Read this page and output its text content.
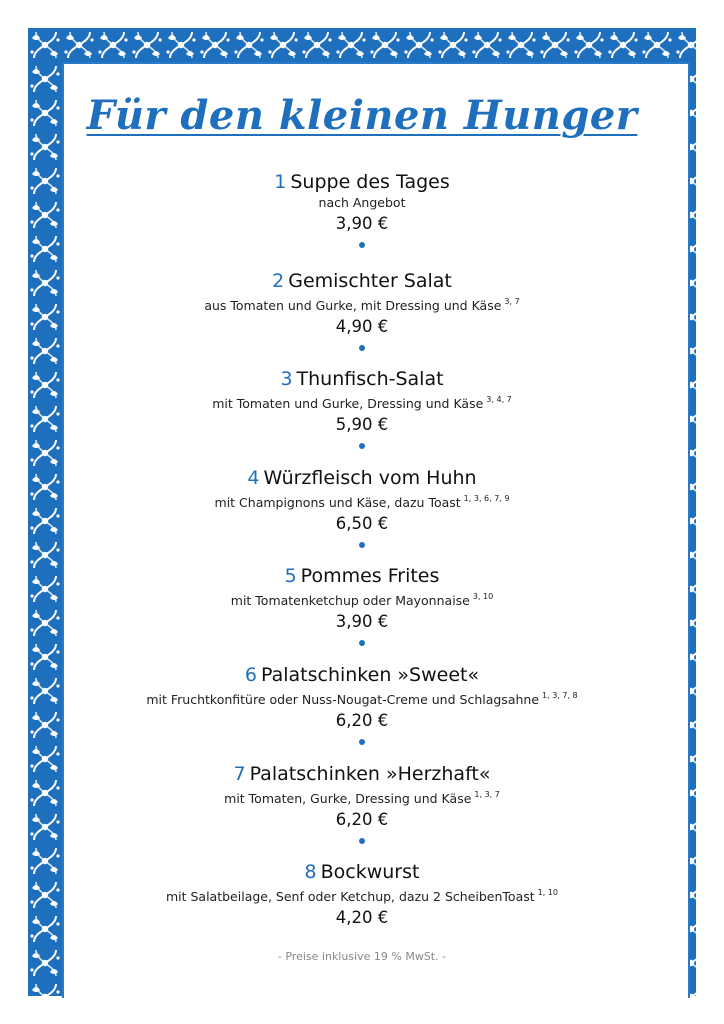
Für den kleinen Hunger
1 Suppe des Tages
nach Angebot
3,90 €
2 Gemischter Salat
aus Tomaten und Gurke, mit Dressing und Käse $^{3, 7}$
4,90 €
3 Thunfisch-Salat
mit Tomaten und Gurke, Dressing und Käse $^{3, 4, 7}$
5,90 €
4 Würzfleisch vom Huhn
mit Champignons und Käse, dazu Toast $^{1, 3, 6, 7, 9}$
6,50 €
5 Pommes Frites
mit Tomatenketchup oder Mayonnaise $^{3, 10}$
3,90 €
6 Palatschinken »Sweet«
mit Fruchtkonfitüre oder Nuss-Nougat-Creme und Schlagsahne $^{1, 3, 7, 8}$
6,20 €
7 Palatschinken »Herzhaft«
mit Tomaten, Gurke, Dressing und Käse $^{1, 3, 7}$
6,20 €
8 Bockwurst
mit Salatbeilage, Senf oder Ketchup, dazu 2 ScheibenToast $^{1, 10}$
4,20 €
- Preise inklusive 19 % MwSt. -
